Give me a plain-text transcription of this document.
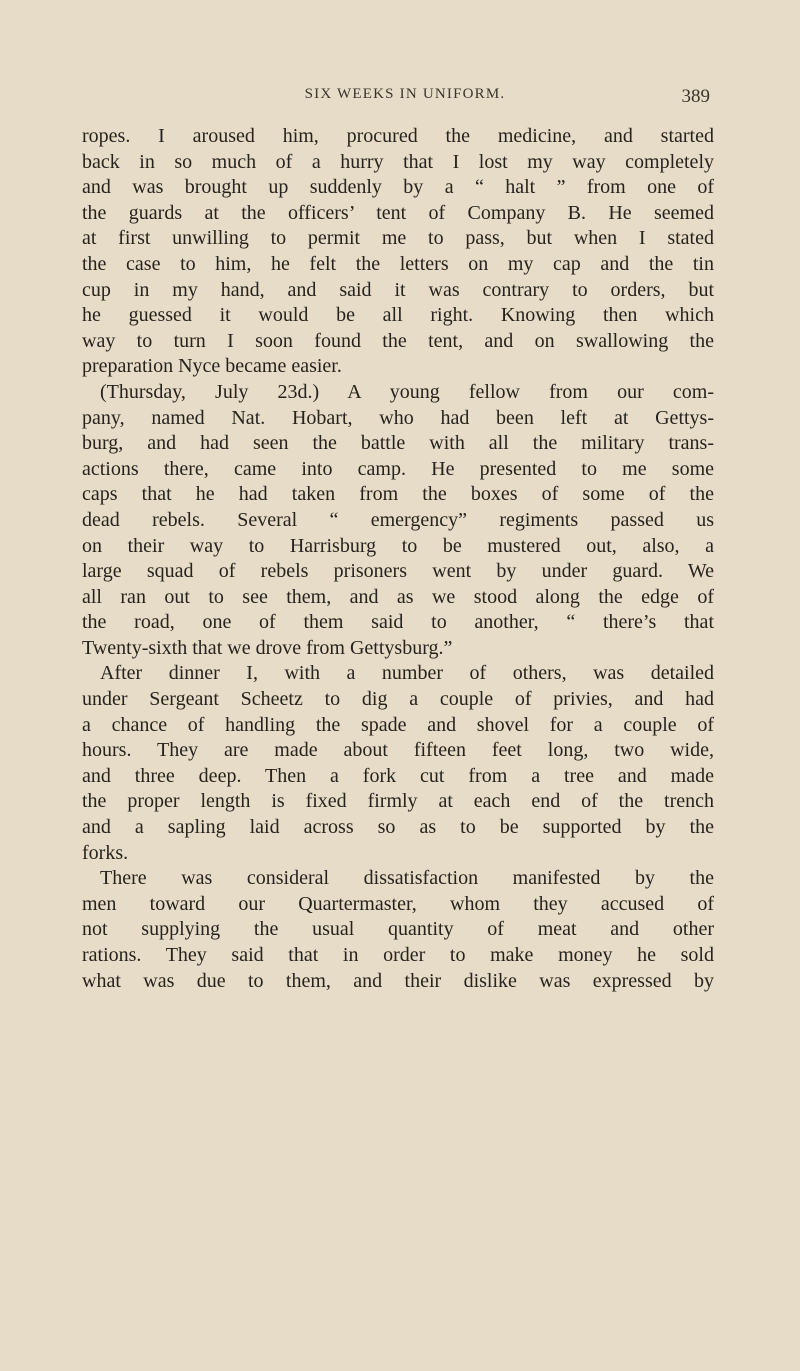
SIX WEEKS IN UNIFORM.	389
ropes. I aroused him, procured the medicine, and started
back in so much of a hurry that I lost my way completely
and was brought up suddenly by a “ halt ” from one of
the guards at the officers’ tent of Company B. He seemed
at first unwilling to permit me to pass, but when I stated
the case to him, he felt the letters on my cap and the tin
cup in my hand, and said it was contrary to orders, but
he guessed it would be all right. Knowing then which
way to turn I soon found the tent, and on swallowing the
preparation Nyce became easier.
(Thursday, July 23d.) A young fellow from our com-
pany, named Nat. Hobart, who had been left at Gettys-
burg, and had seen the battle with all the military trans-
actions there, came into camp. He presented to me some
caps that he had taken from the boxes of some of the
dead rebels. Several “ emergency” regiments passed us
on their way to Harrisburg to be mustered out, also, a
large squad of rebels prisoners went by under guard. We
all ran out to see them, and as we stood along the edge of
the road, one of them said to another, “ there’s that
Twenty-sixth that we drove from Gettysburg.”
After dinner I, with a number of others, was detailed
under Sergeant Scheetz to dig a couple of privies, and had
a chance of handling the spade and shovel for a couple of
hours. They are made about fifteen feet long, two wide,
and three deep. Then a fork cut from a tree and made
the proper length is fixed firmly at each end of the trench
and a sapling laid across so as to be supported by the
forks.
There was consideral dissatisfaction manifested by the
men toward our Quartermaster, whom they accused of
not supplying the usual quantity of meat and other
rations. They said that in order to make money he sold
what was due to them, and their dislike was expressed by
